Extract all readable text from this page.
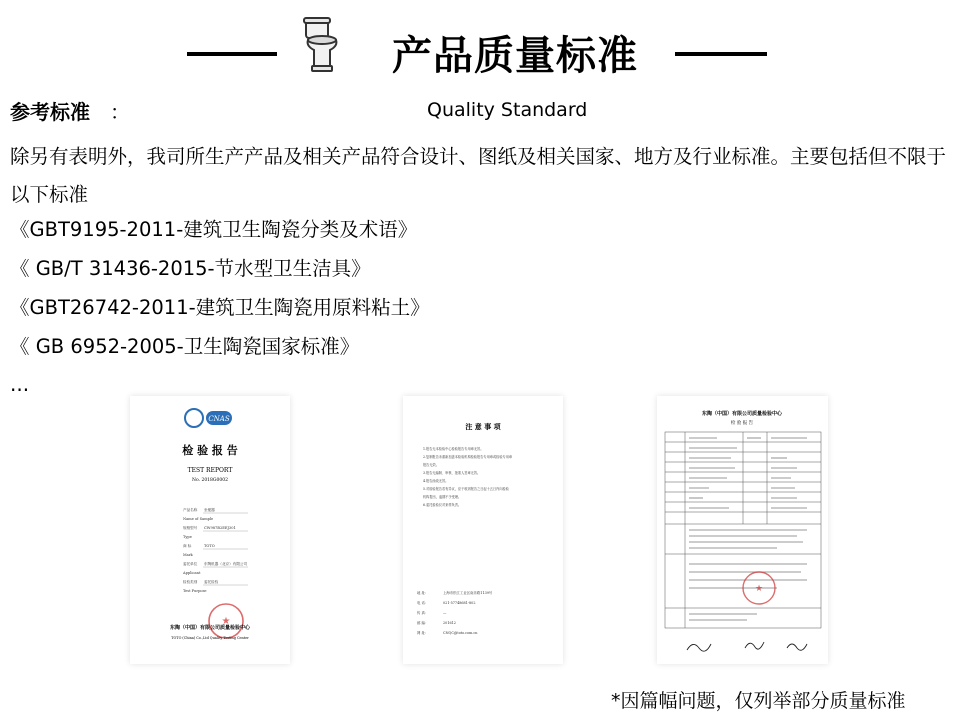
产品质量标准
参考标准 ：	Quality Standard

除另有表明外，我司所生产产品及相关产品符合设计、图纸及相关国家、地方及行业标准。主要包括但不限于以下标准

《GBT9195-2011-建筑卫生陶瓷分类及术语》
《 GB/T 31436-2015-节水型卫生洁具》
《GBT26742-2011-建筑卫生陶瓷用原料粘土》
《 GB 6952-2005-卫生陶瓷国家标准》
...
CNAS
检 验 报 告
TEST REPORT
No. 2018G0002
产品名称 坐便器
Name of Sample
规格型号 CW987B2EEJ301
Type
商 标	TOTO
Mark
委托单位 东陶机器（北京）有限公司
Applicant
检验类别 委托检验
Test Purpose
★
东陶（中国）有限公司质量检验中心
TOTO (China) Co.,Ltd Quality Testing Center
注 意 事 项
1.报告无本检验中心检验报告专用章无效。
2.复制报告未重新加盖本检验机构检验报告专用章或检验专用章
报告无效。
3.报告无编制、审核、批准人签章无效。
4.报告涂改无效。
5.对检验报告若有异议，应于收到报告之日起十五日内向检验
机构提出，逾期不予受理。
6.委托检验仅对来样负责。
地 址：	上海市松江工业区南乐路1139号
电 话：	021-57748681-802
传 真：	—
邮 编：	201612
网 址：	CNQC@toto.com.cn
东陶（中国）有限公司质量检验中心
检 验 报 告
★
*因篇幅问题，仅列举部分质量标准
